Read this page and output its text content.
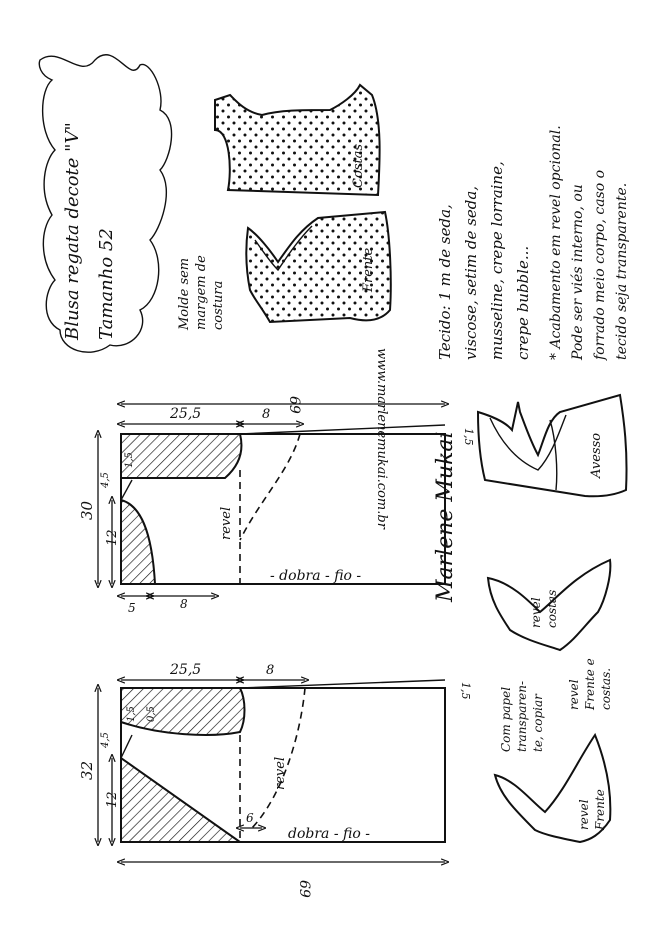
Blusa regata decote "V" Tamanho 52	Molde sem margem de costura
www.marlenemukai.com.br
Costas
Frente	Tecido: 1 m de seda, viscose, setim de seda, musseline, crepe lorraine, crepe bubble... * Acabamento em revel opcional. Pode ser viés interno, ou forrado meio corpo, caso o tecido seja transparente.
Avesso
revel costas
Com papel transparen- te, copiar revel Frente e costas.
revel Frente
Marlene Mukai
69
25,5	8
1,5
30
12
4,5
1,5
5	8
revel
- dobra - fio -
69
25,5	8
1,5
32
12
4,5
1,5 0,5
6
revel
dobra - fio -
